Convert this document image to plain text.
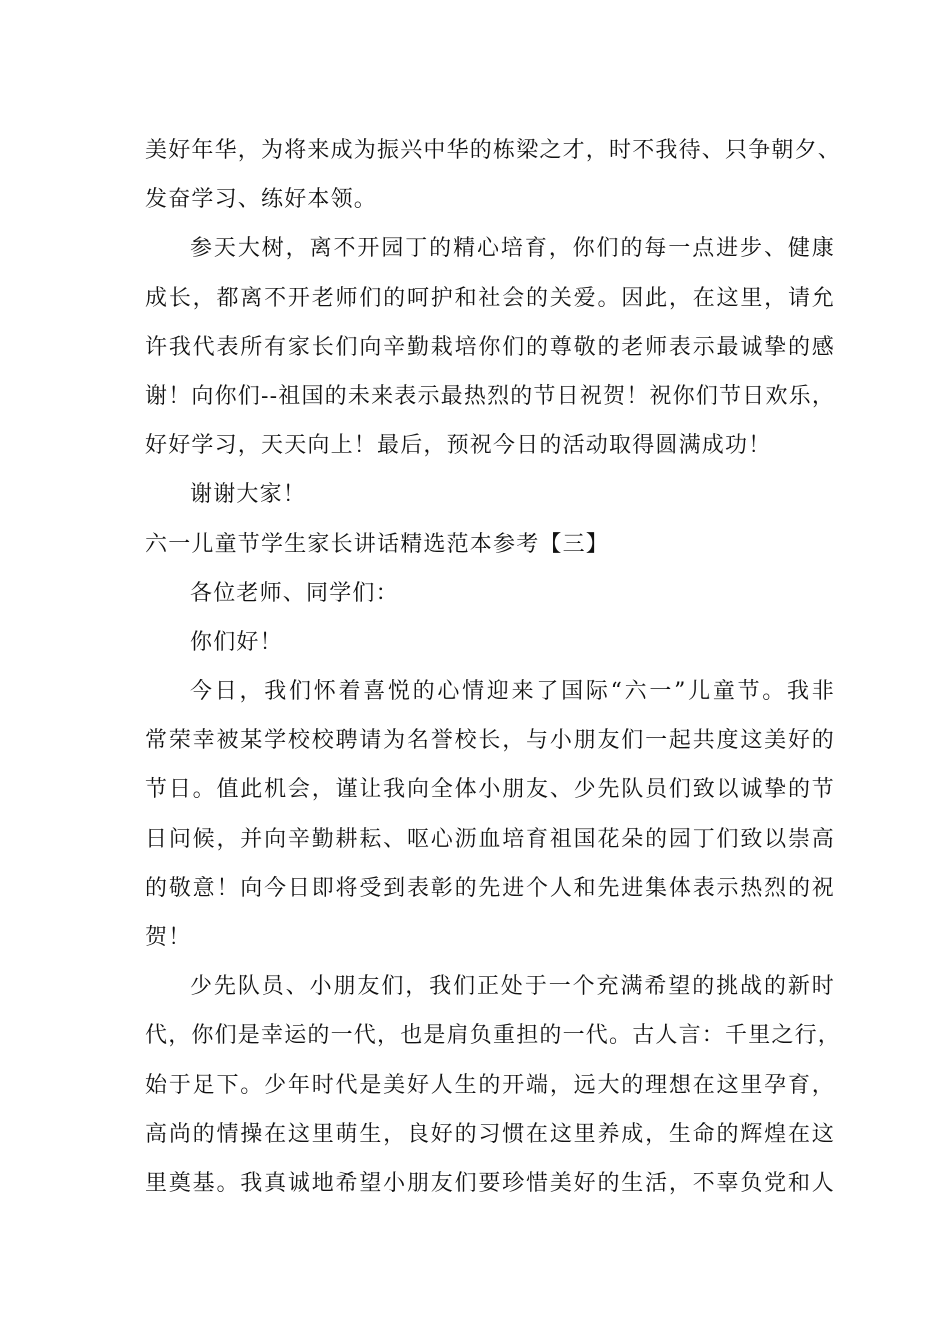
美好年华，为将来成为振兴中华的栋梁之才，时不我待、只争朝夕、
发奋学习、练好本领。
参天大树，离不开园丁的精心培育，你们的每一点进步、健康
成长，都离不开老师们的呵护和社会的关爱。因此，在这里，请允
许我代表所有家长们向辛勤栽培你们的尊敬的老师表示最诚挚的感
谢！向你们--祖国的未来表示最热烈的节日祝贺！祝你们节日欢乐，
好好学习，天天向上！最后，预祝今日的活动取得圆满成功！
谢谢大家！
六一儿童节学生家长讲话精选范本参考【三】
各位老师、同学们：
你们好！
今日，我们怀着喜悦的心情迎来了国际“六一”儿童节。我非
常荣幸被某学校校聘请为名誉校长，与小朋友们一起共度这美好的
节日。值此机会，谨让我向全体小朋友、少先队员们致以诚挚的节
日问候，并向辛勤耕耘、呕心沥血培育祖国花朵的园丁们致以崇高
的敬意！向今日即将受到表彰的先进个人和先进集体表示热烈的祝
贺！
少先队员、小朋友们，我们正处于一个充满希望的挑战的新时
代，你们是幸运的一代，也是肩负重担的一代。古人言：千里之行，
始于足下。少年时代是美好人生的开端，远大的理想在这里孕育，
高尚的情操在这里萌生，良好的习惯在这里养成，生命的辉煌在这
里奠基。我真诚地希望小朋友们要珍惜美好的生活，不辜负党和人
